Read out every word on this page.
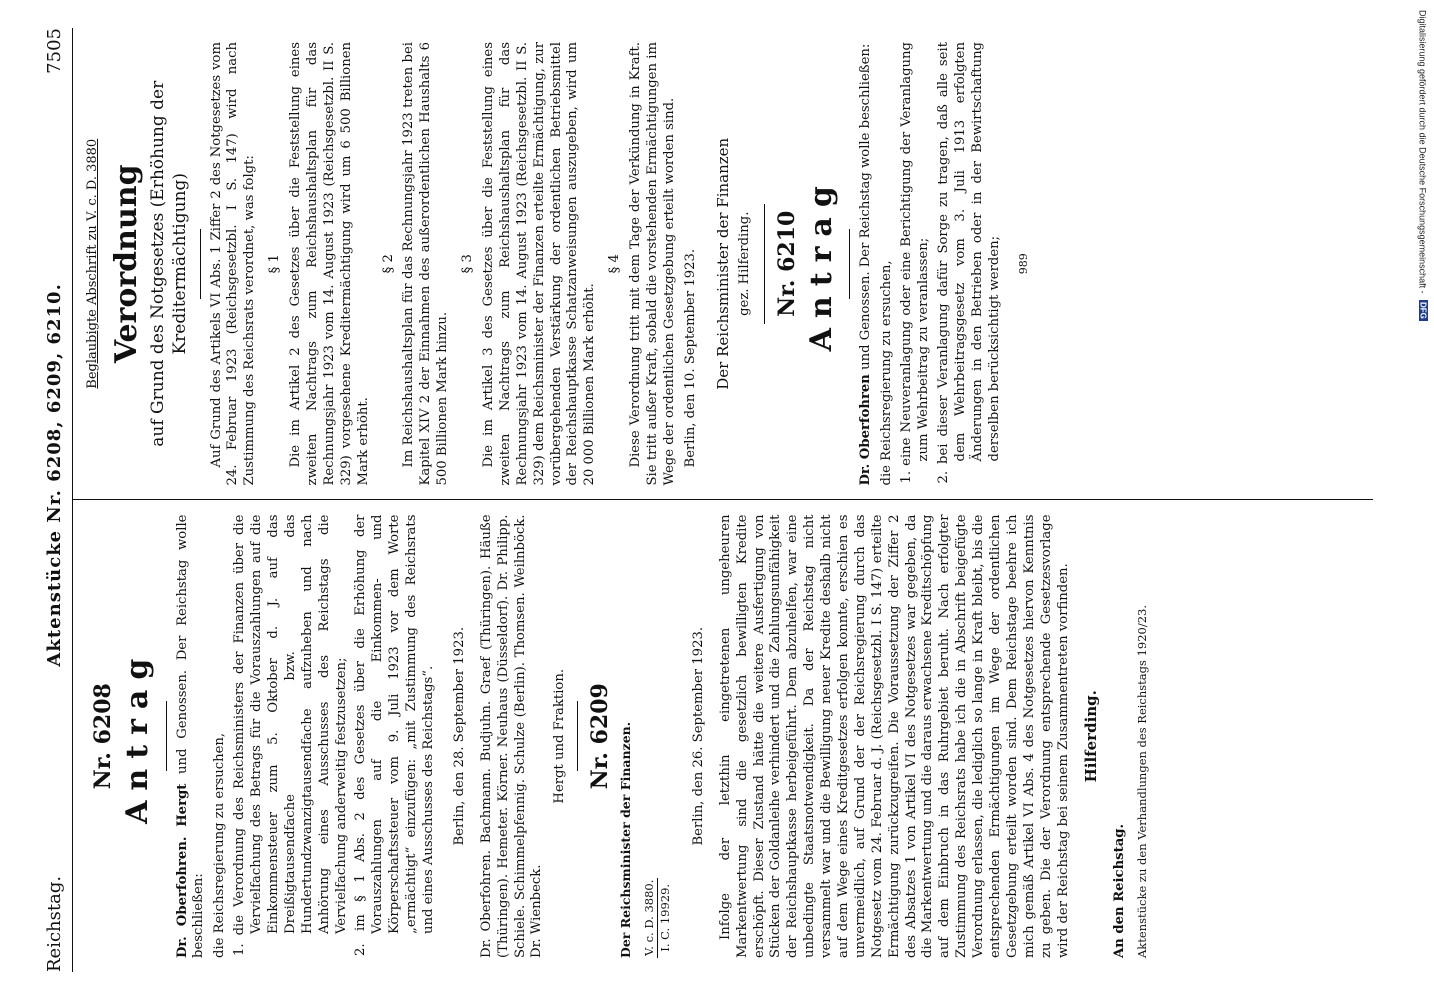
Reichstag.
Aktenstücke Nr. 6208, 6209, 6210.
7505
Nr. 6208 Antrag
Dr. Oberfohren. Hergt und Genossen. Der Reichstag wolle beschließen: die Reichsregierung zu ersuchen, 1. die Verordnung des Reichsministers der Finanzen über die Vervielfachung des Betrags für die Vorauszahlungen auf die Einkommensteuer zum 5. Oktober d. J. auf das Dreißigtausendfache bzw. das Hundertundzwanzigtausendfache aufzuheben und nach Anhörung eines Ausschusses des Reichstags die Vervielfachung anderweitig festzusetzen; 2. im § 1 Abs. 2 des Gesetzes über die Erhöhung der Vorauszahlungen auf die Einkommen- und Körperschaftssteuer vom 9. Juli 1923 vor dem Worte „ermächtigt“ einzufügen: „mit Zustimmung des Reichsrats und eines Ausschusses des Reichstags“. Berlin, den 28. September 1923. Dr. Oberfohren. Bachmann. Budjuhn. Graef (Thüringen). Häuße (Thüringen). Hemeter. Körner. Neuhaus (Düsseldorf). Dr. Philipp. Schiele. Schimmelpfennig. Schulze (Berlin). Thomsen. Weilnböck. Dr. Wienbeck.
Hergt und Fraktion. Nr. 6209 Der Reichsminister der Finanzen. V. c. D. 3880. I. C. 19929.
Berlin, den 26. September 1923. Infolge der letzthin eingetretenen ungeheuren Markentwertung sind die gesetzlich bewilligten Kredite erschöpft. Dieser Zustand hätte die weitere Ausfertigung von Stücken der Goldanleihe verhindert und die Zahlungsunfähigkeit der Reichshauptkasse herbeigeführt. Dem abzuhelfen, war eine unbedingte Staatsnotwendigkeit. Da der Reichstag nicht versammelt war und die Bewilligung neuer Kredite deshalb nicht auf dem Wege eines Kreditgesetzes erfolgen konnte, erschien es unvermeidlich, auf Grund der der Reichsregierung durch das Notgesetz vom 24. Februar d. J. (Reichsgesetzbl. I S. 147) erteilte Ermächtigung zurückzugreifen. Die Voraussetzung der Ziffer 2 des Absatzes 1 von Artikel VI des Notgesetzes war gegeben, da die Markentwertung und die daraus erwachsene Kreditschöpfung auf dem Einbruch in das Ruhrgebiet beruht. Nach erfolgter Zustimmung des Reichsrats habe ich die in Abschrift beigefügte Verordnung erlassen, die lediglich so lange in Kraft bleibt, bis die entsprechenden Ermächtigungen im Wege der ordentlichen Gesetzgebung erteilt worden sind. Dem Reichstage beehre ich mich gemäß Artikel VI Abs. 4 des Notgesetzes hiervon Kenntnis zu geben. Die der Verordnung entsprechende Gesetzesvorlage wird der Reichstag bei seinem Zusammentreten vorfinden. Hilferding.
An den Reichstag. Aktenstücke zu den Verhandlungen des Reichstags 1920/23.
Beglaubigte Abschrift zu V. c. D. 3880 Verordnung auf Grund des Notgesetzes (Erhöhung der Kreditermächtigung) Auf Grund des Artikels VI Abs. 1 Ziffer 2 des Notgesetzes vom 24. Februar 1923 (Reichsgesetzbl. I S. 147) wird nach Zustimmung des Reichsrats verordnet, was folgt: § 1 Die im Artikel 2 des Gesetzes über die Feststellung eines zweiten Nachtrags zum Reichshaushaltsplan für das Rechnungsjahr 1923 vom 14. August 1923 (Reichsgesetzbl. II S. 329) vorgesehene Kreditermächtigung wird um 6 500 Billionen Mark erhöht.
§ 2 Im Reichshaushaltsplan für das Rechnungsjahr 1923 treten bei Kapitel XIV 2 der Einnahmen des außerordentlichen Haushalts 6 500 Billionen Mark hinzu.
§ 3 Die im Artikel 3 des Gesetzes über die Feststellung eines zweiten Nachtrags zum Reichshaushaltsplan für das Rechnungsjahr 1923 vom 14. August 1923 (Reichsgesetzbl. II S. 329) dem Reichsminister der Finanzen erteilte Ermächtigung, zur vorübergehenden Verstärkung der ordentlichen Betriebsmittel der Reichshauptkasse Schatzanweisungen auszugeben, wird um 20 000 Billionen Mark erhöht.
§ 4 Diese Verordnung tritt mit dem Tage der Verkündung in Kraft. Sie tritt außer Kraft, sobald die vorstehenden Ermächtigungen im Wege der ordentlichen Gesetzgebung erteilt worden sind. Berlin, den 10. September 1923. Der Reichsminister der Finanzen gez. Hilferding. Nr. 6210 Antrag
Dr. Oberfohren und Genossen. Der Reichstag wolle beschließen:
die Reichsregierung zu ersuchen, 1. eine Neuveranlagung oder eine Berichtigung der Veranlagung zum Wehrbeitrag zu veranlassen; 2. bei dieser Veranlagung dafür Sorge zu tragen, daß alle seit dem Wehrbeitragsgesetz vom 3. Juli 1913 erfolgten Änderungen in den Betrieben oder in der Bewirtschaftung derselben berücksichtigt werden; 989	Digitalisierung gefördert durch die Deutsche Forschungsgemeinschaft - DFG
